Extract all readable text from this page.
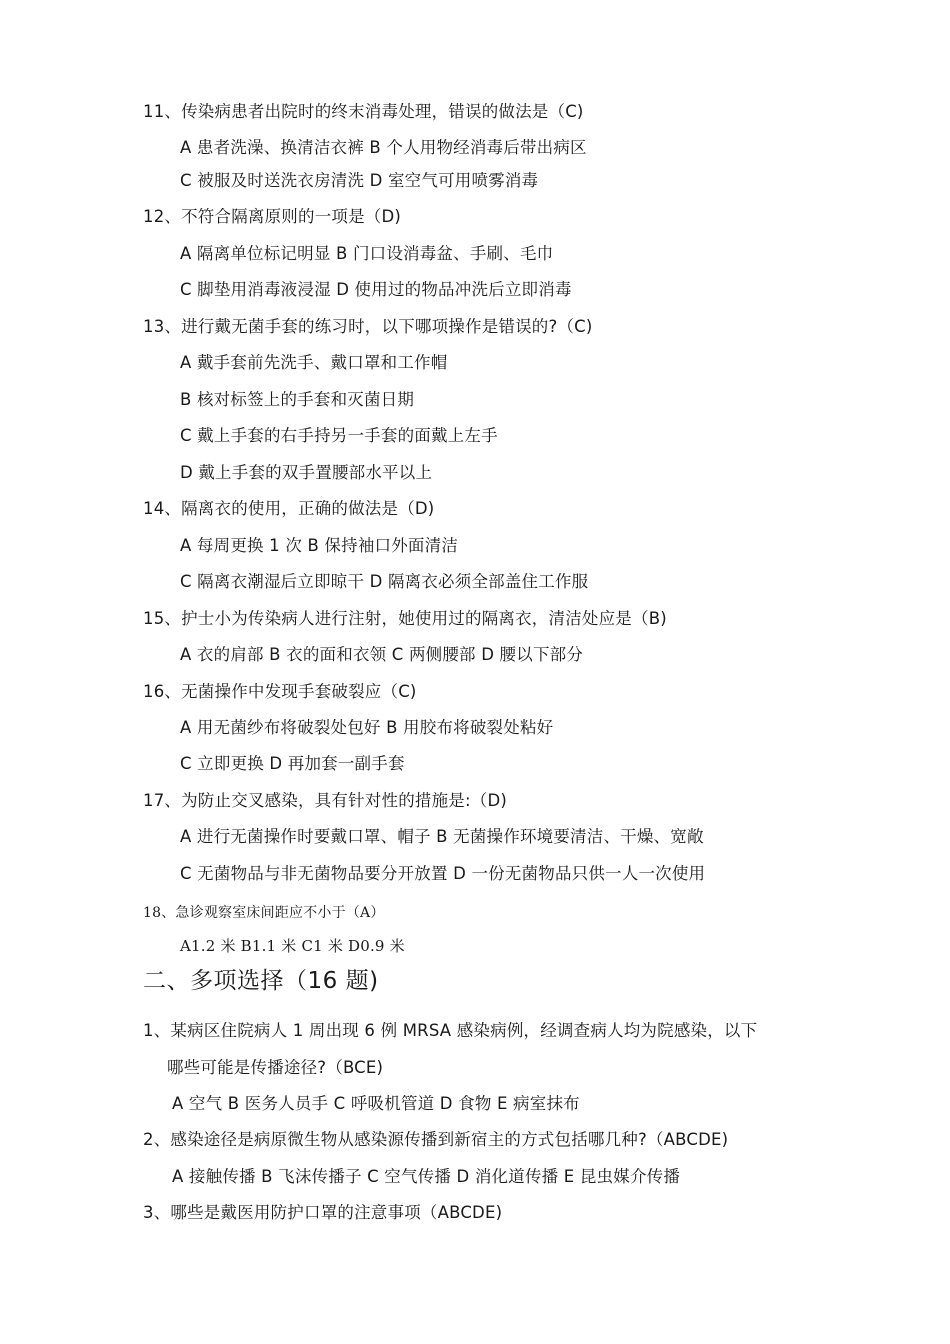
11、传染病患者出院时的终末消毒处理，错误的做法是（C)
A 患者洗澡、换清洁衣裤 B 个人用物经消毒后带出病区
C 被服及时送洗衣房清洗 D 室空气可用喷雾消毒
12、不符合隔离原则的一项是（D)
A 隔离单位标记明显 B 门口设消毒盆、手刷、毛巾
C 脚垫用消毒液浸湿 D 使用过的物品冲洗后立即消毒
13、进行戴无菌手套的练习时，以下哪项操作是错误的?（C)
A 戴手套前先洗手、戴口罩和工作帽
B 核对标签上的手套和灭菌日期
C 戴上手套的右手持另一手套的面戴上左手
D 戴上手套的双手置腰部水平以上
14、隔离衣的使用，正确的做法是（D)
A 每周更换 1 次 B 保持袖口外面清洁
C 隔离衣潮湿后立即晾干 D 隔离衣必须全部盖住工作服
15、护士小为传染病人进行注射，她使用过的隔离衣，清洁处应是（B)
A 衣的肩部 B 衣的面和衣领 C 两侧腰部 D 腰以下部分
16、无菌操作中发现手套破裂应（C)
A 用无菌纱布将破裂处包好 B 用胶布将破裂处粘好
C 立即更换 D 再加套一副手套
17、为防止交叉感染，具有针对性的措施是:（D)
A 进行无菌操作时要戴口罩、帽子 B 无菌操作环境要清洁、干燥、宽敞
C 无菌物品与非无菌物品要分开放置 D 一份无菌物品只供一人一次使用
18、急诊观察室床间距应不小于（A）
A1.2 米 B1.1 米 C1 米 D0.9 米
二、多项选择（16 题)
1、某病区住院病人 1 周出现 6 例 MRSA 感染病例，经调查病人均为院感染，以下
哪些可能是传播途径?（BCE)
A 空气 B 医务人员手 C 呼吸机管道 D 食物 E 病室抹布
2、感染途径是病原微生物从感染源传播到新宿主的方式包括哪几种?（ABCDE)
A 接触传播 B 飞沫传播子 C 空气传播 D 消化道传播 E 昆虫媒介传播
3、哪些是戴医用防护口罩的注意事项（ABCDE)
